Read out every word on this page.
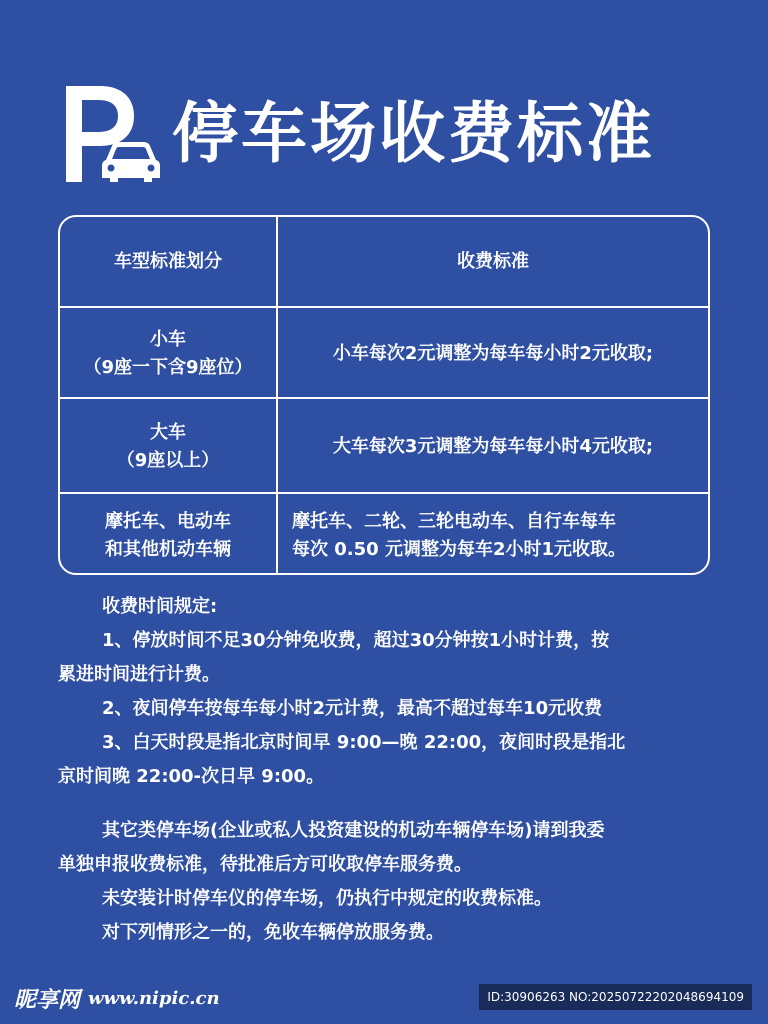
停车场收费标准
车型标准划分	收费标准
小车
（9座一下含9座位）
小车每次2元调整为每车每小时2元收取;
大车
（9座以上）
大车每次3元调整为每车每小时4元收取;
摩托车、电动车
和其他机动车辆
摩托车、二轮、三轮电动车、自行车每车
每次 0.50 元调整为每车2小时1元收取。

收费时间规定:

1、停放时间不足30分钟免收费，超过30分钟按1小时计费，按

累进时间进行计费。

2、夜间停车按每车每小时2元计费，最高不超过每车10元收费

3、白天时段是指北京时间早 9:00—晚 22:00，夜间时段是指北

京时间晚 22:00-次日早 9:00。

其它类停车场(企业或私人投资建设的机动车辆停车场)请到我委

单独申报收费标准，待批准后方可收取停车服务费。

未安装计时停车仪的停车场，仍执行中规定的收费标准。

对下列情形之一的，免收车辆停放服务费。

昵享网 www.nipic.cn	ID:30906263 NO:20250722202048694109
